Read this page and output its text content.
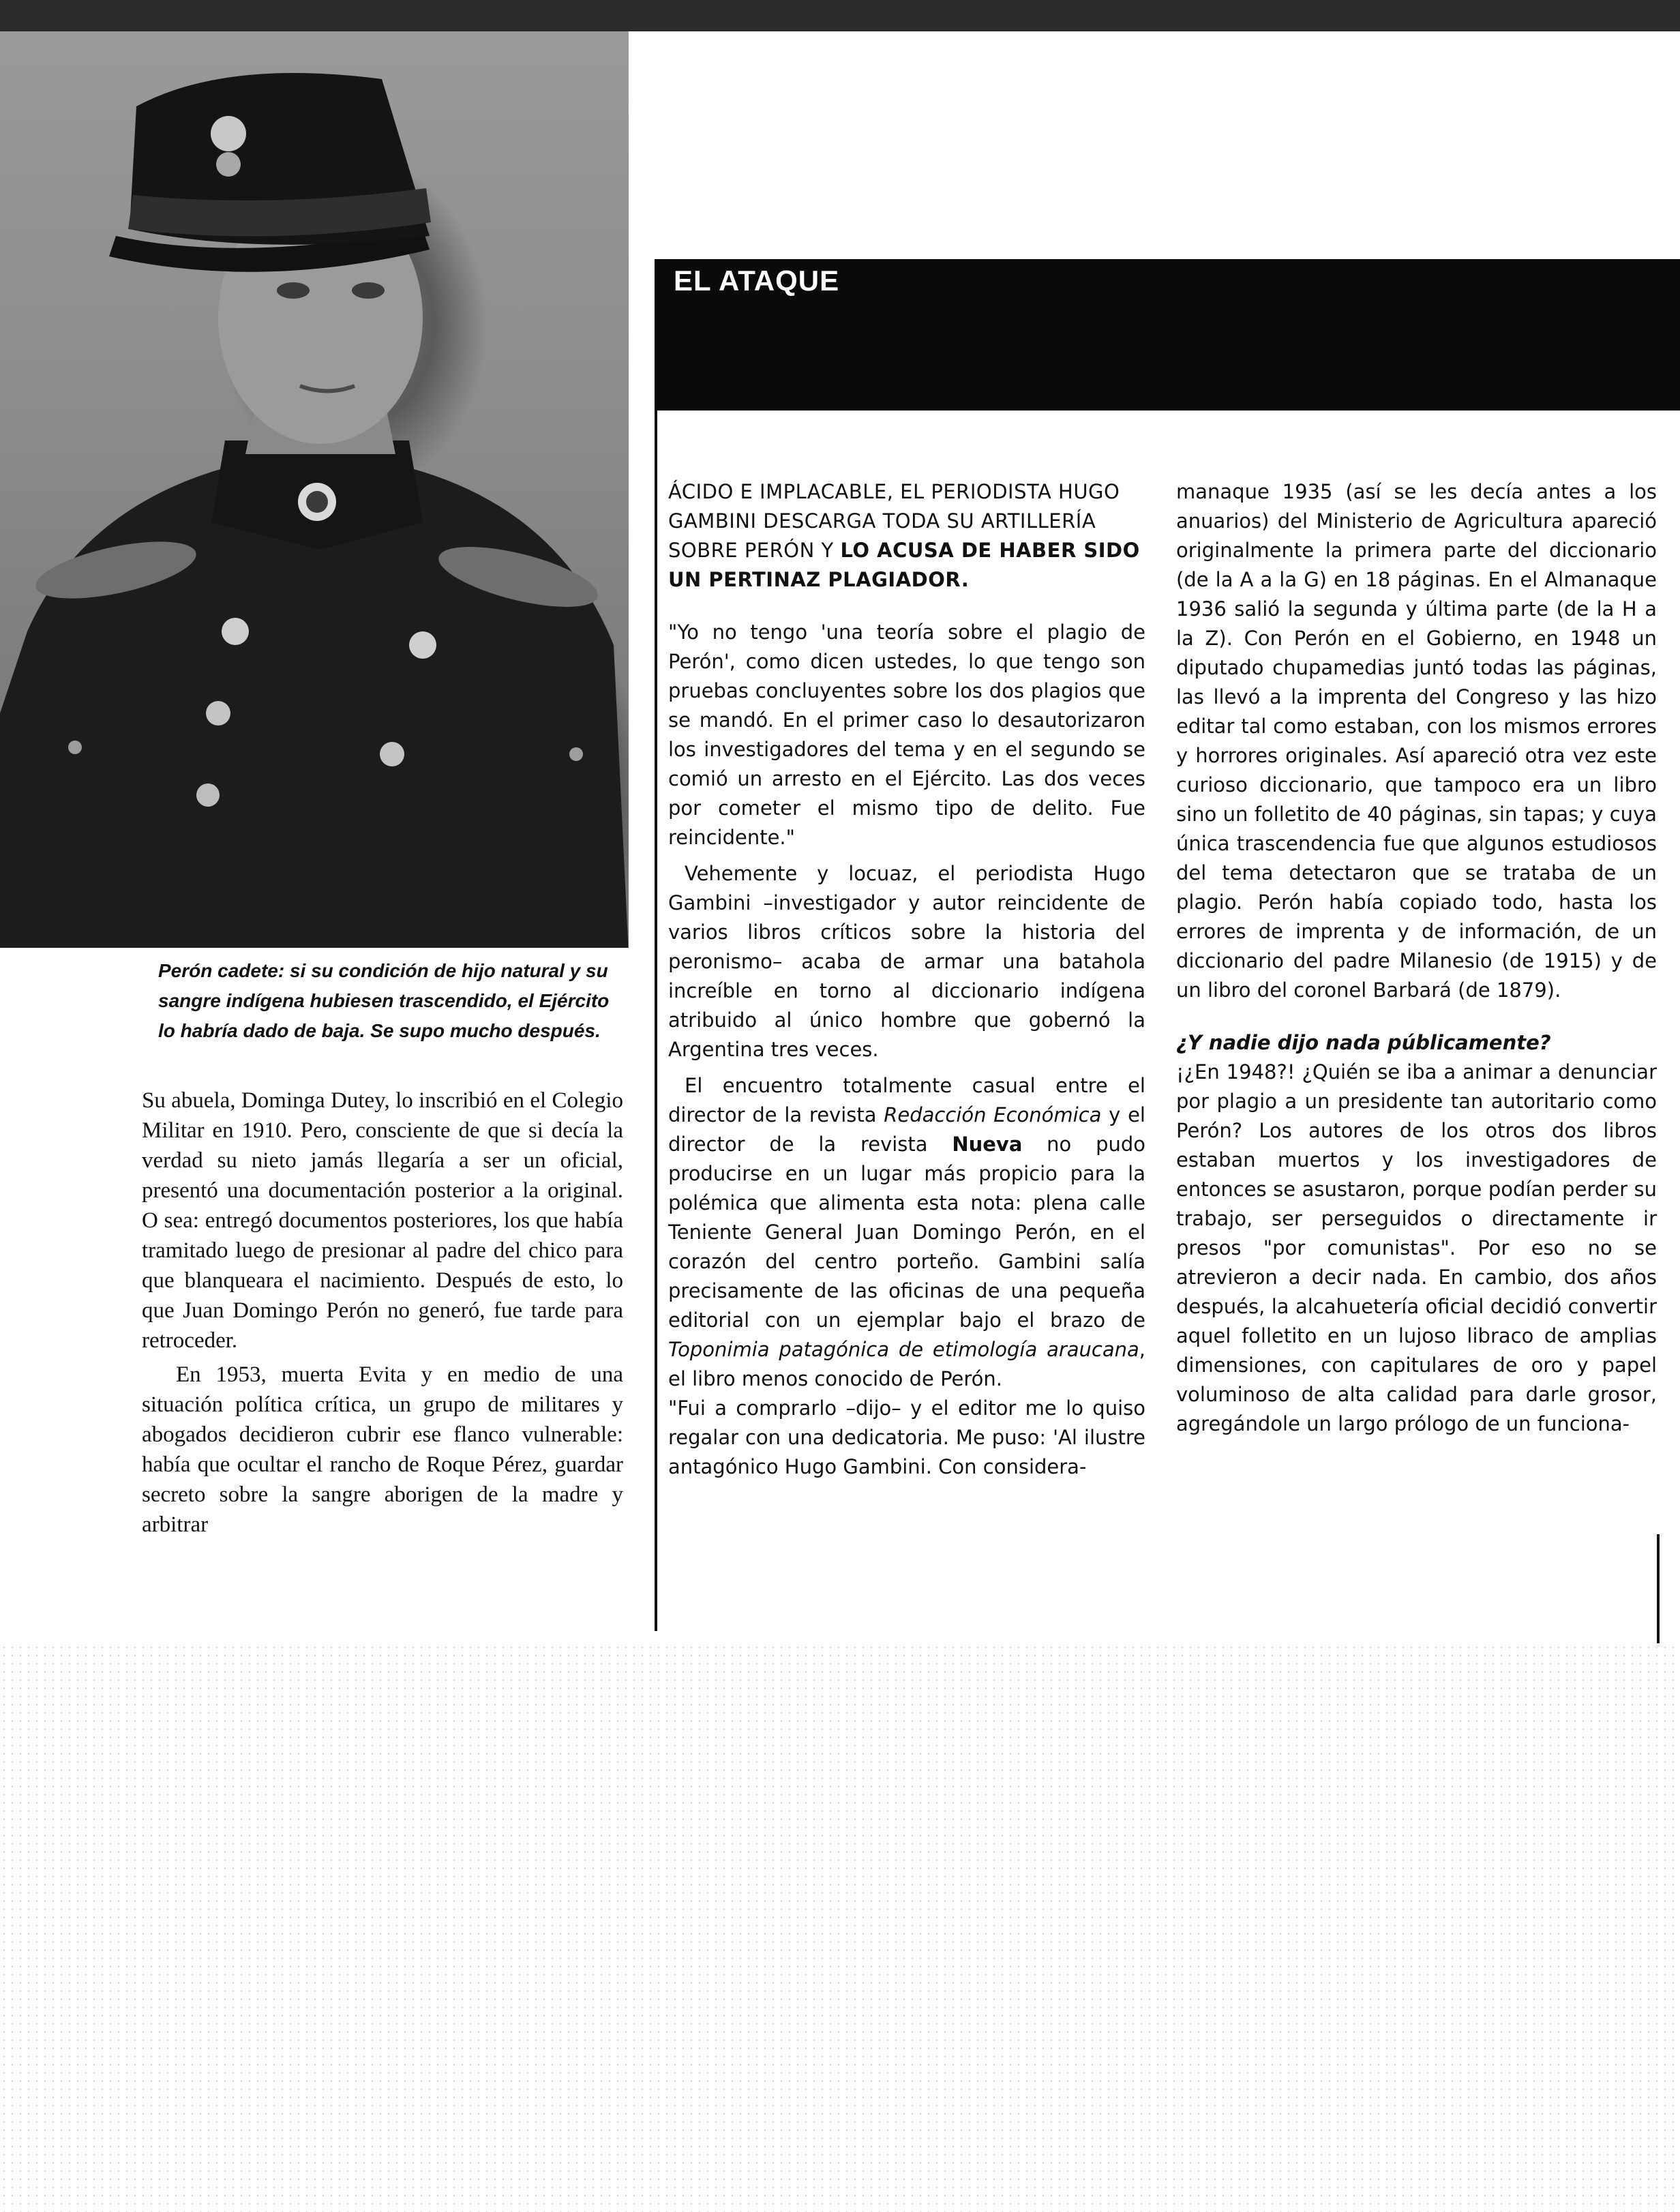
Perón cadete: si su condición de hijo natural y su
sangre indígena hubiesen trascendido, el Ejército
lo habría dado de baja. Se supo mucho después.
EL ATAQUE

Su abuela, Dominga Dutey, lo inscribió en el Colegio Militar en 1910. Pero, consciente de que si decía la verdad su nieto jamás llegaría a ser un oficial, presentó una documentación posterior a la original. O sea: entregó documentos posteriores, los que había tramitado luego de presionar al padre del chico para que blanqueara el nacimiento. Después de esto, lo que Juan Domingo Perón no generó, fue tarde para retroceder.

En 1953, muerta Evita y en medio de una situación política crítica, un grupo de militares y abogados decidieron cubrir ese flanco vulnerable: había que ocultar el rancho de Roque Pérez, guardar secreto sobre la sangre aborigen de la madre y arbitrar

ÁCIDO E IMPLACABLE, EL PERIODISTA HUGO GAMBINI DESCARGA TODA SU ARTILLERÍA SOBRE PERÓN Y LO ACUSA DE HABER SIDO UN PERTINAZ PLAGIADOR.

"Yo no tengo 'una teoría sobre el plagio de Perón', como dicen ustedes, lo que tengo son pruebas concluyentes sobre los dos plagios que se mandó. En el primer caso lo desautorizaron los investigadores del tema y en el segundo se comió un arresto en el Ejército. Las dos veces por cometer el mismo tipo de delito. Fue reincidente."

Vehemente y locuaz, el periodista Hugo Gambini –investigador y autor reincidente de varios libros críticos sobre la historia del peronismo– acaba de armar una batahola increíble en torno al diccionario indígena atribuido al único hombre que gobernó la Argentina tres veces.

El encuentro totalmente casual entre el director de la revista Redacción Económica y el director de la revista Nueva no pudo producirse en un lugar más propicio para la polémica que alimenta esta nota: plena calle Teniente General Juan Domingo Perón, en el corazón del centro porteño. Gambini salía precisamente de las oficinas de una pequeña editorial con un ejemplar bajo el brazo de Toponimia patagónica de etimología araucana, el libro menos conocido de Perón.

"Fui a comprarlo –dijo– y el editor me lo quiso regalar con una dedicatoria. Me puso: 'Al ilustre antagónico Hugo Gambini. Con considera-

manaque 1935 (así se les decía antes a los anuarios) del Ministerio de Agricultura apareció originalmente la primera parte del diccionario (de la A a la G) en 18 páginas. En el Almanaque 1936 salió la segunda y última parte (de la H a la Z). Con Perón en el Gobierno, en 1948 un diputado chupamedias juntó todas las páginas, las llevó a la imprenta del Congreso y las hizo editar tal como estaban, con los mismos errores y horrores originales. Así apareció otra vez este curioso diccionario, que tampoco era un libro sino un folletito de 40 páginas, sin tapas; y cuya única trascendencia fue que algunos estudiosos del tema detectaron que se trataba de un plagio. Perón había copiado todo, hasta los errores de imprenta y de información, de un diccionario del padre Milanesio (de 1915) y de un libro del coronel Barbará (de 1879).

¿Y nadie dijo nada públicamente?

¡¿En 1948?! ¿Quién se iba a animar a denunciar por plagio a un presidente tan autoritario como Perón? Los autores de los otros dos libros estaban muertos y los investigadores de entonces se asustaron, porque podían perder su trabajo, ser perseguidos o directamente ir presos "por comunistas". Por eso no se atrevieron a decir nada. En cambio, dos años después, la alcahuetería oficial decidió convertir aquel folletito en un lujoso libraco de amplias dimensiones, con capitulares de oro y papel voluminoso de alta calidad para darle grosor, agregándole un largo prólogo de un funciona-
